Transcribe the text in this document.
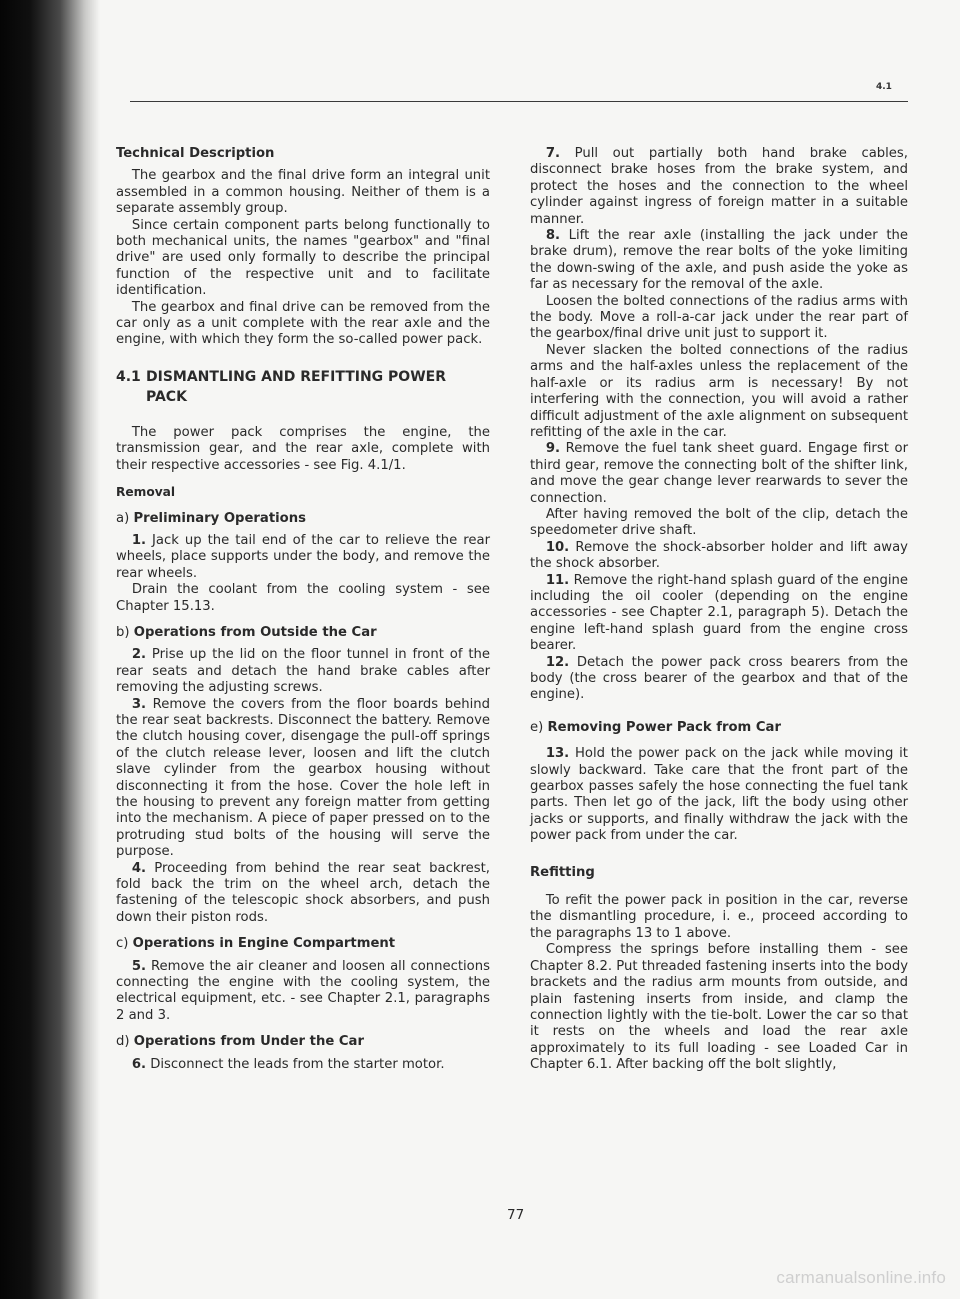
4.1
Technical Description

The gearbox and the final drive form an integral unit assembled in a common housing. Neither of them is a separate assembly group.

Since certain component parts belong functionally to both mechanical units, the names "gearbox" and "final drive" are used only formally to describe the principal function of the respective unit and to facilitate identification.

The gearbox and final drive can be removed from the car only as a unit complete with the rear axle and the engine, with which they form the so-called power pack.

4.1 DISMANTLING AND REFITTING POWER PACK

The power pack comprises the engine, the transmission gear, and the rear axle, complete with their respective accessories - see Fig. 4.1/1.

Removal

a) Preliminary Operations

1. Jack up the tail end of the car to relieve the rear wheels, place supports under the body, and remove the rear wheels.

Drain the coolant from the cooling system - see Chapter 15.13.

b) Operations from Outside the Car

2. Prise up the lid on the floor tunnel in front of the rear seats and detach the hand brake cables after removing the adjusting screws.

3. Remove the covers from the floor boards behind the rear seat backrests. Disconnect the battery. Remove the clutch housing cover, disengage the pull-off springs of the clutch release lever, loosen and lift the clutch slave cylinder from the gearbox housing without disconnecting it from the hose. Cover the hole left in the housing to prevent any foreign matter from getting into the mechanism. A piece of paper pressed on to the protruding stud bolts of the housing will serve the purpose.

4. Proceeding from behind the rear seat backrest, fold back the trim on the wheel arch, detach the fastening of the telescopic shock absorbers, and push down their piston rods.

c) Operations in Engine Compartment

5. Remove the air cleaner and loosen all connections connecting the engine with the cooling system, the electrical equipment, etc. - see Chapter 2.1, paragraphs 2 and 3.

d) Operations from Under the Car

6. Disconnect the leads from the starter motor.

7. Pull out partially both hand brake cables, disconnect brake hoses from the brake system, and protect the hoses and the connection to the wheel cylinder against ingress of foreign matter in a suitable manner.

8. Lift the rear axle (installing the jack under the brake drum), remove the rear bolts of the yoke limiting the down-swing of the axle, and push aside the yoke as far as necessary for the removal of the axle.

Loosen the bolted connections of the radius arms with the body. Move a roll-a-car jack under the rear part of the gearbox/final drive unit just to support it.

Never slacken the bolted connections of the radius arms and the half-axles unless the replacement of the half-axle or its radius arm is necessary! By not interfering with the connection, you will avoid a rather difficult adjustment of the axle alignment on subsequent refitting of the axle in the car.

9. Remove the fuel tank sheet guard. Engage first or third gear, remove the connecting bolt of the shifter link, and move the gear change lever rearwards to sever the connection.

After having removed the bolt of the clip, detach the speedometer drive shaft.

10. Remove the shock-absorber holder and lift away the shock absorber.

11. Remove the right-hand splash guard of the engine including the oil cooler (depending on the engine accessories - see Chapter 2.1, paragraph 5). Detach the engine left-hand splash guard from the engine cross bearer.

12. Detach the power pack cross bearers from the body (the cross bearer of the gearbox and that of the engine).

e) Removing Power Pack from Car

13. Hold the power pack on the jack while moving it slowly backward. Take care that the front part of the gearbox passes safely the hose connecting the fuel tank parts. Then let go of the jack, lift the body using other jacks or supports, and finally withdraw the jack with the power pack from under the car.

Refitting

To refit the power pack in position in the car, reverse the dismantling procedure, i. e., proceed according to the paragraphs 13 to 1 above.

Compress the springs before installing them - see Chapter 8.2. Put threaded fastening inserts into the body brackets and the radius arm mounts from outside, and plain fastening inserts from inside, and clamp the connection lightly with the tie-bolt. Lower the car so that it rests on the wheels and load the rear axle approximately to its full loading - see Loaded Car in Chapter 6.1. After backing off the bolt slightly,

77
carmanualsonline.info
